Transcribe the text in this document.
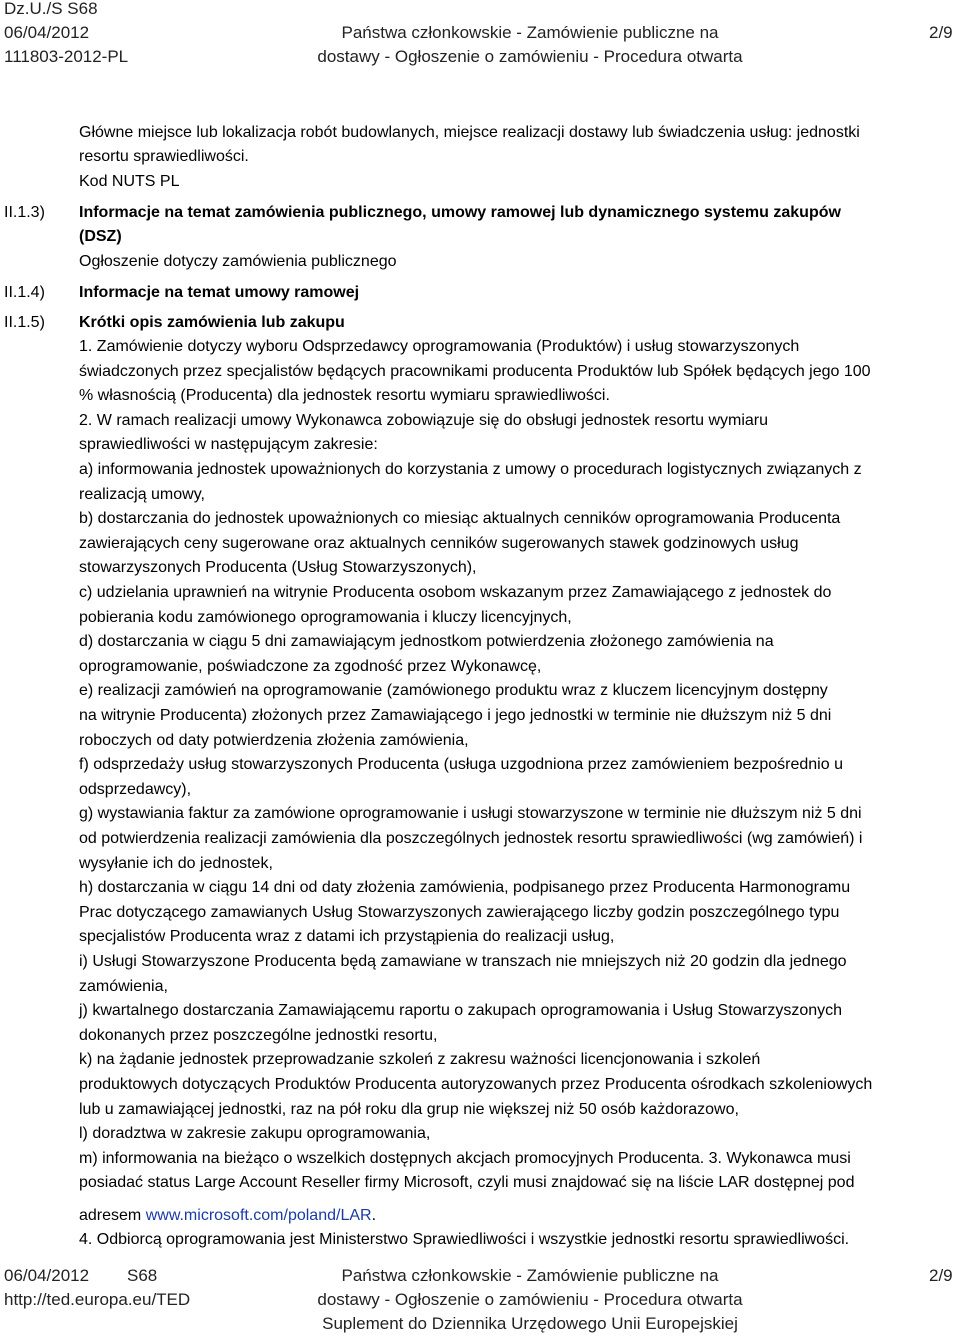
Dz.U./S S68
06/04/2012
111803-2012-PL
Państwa członkowskie - Zamówienie publiczne na
dostawy - Ogłoszenie o zamówieniu - Procedura otwarta
2/9
Główne miejsce lub lokalizacja robót budowlanych, miejsce realizacji dostawy lub świadczenia usług: jednostki
resortu sprawiedliwości.
Kod NUTS PL
II.1.3) Informacje na temat zamówienia publicznego, umowy ramowej lub dynamicznego systemu zakupów
(DSZ)
Ogłoszenie dotyczy zamówienia publicznego
II.1.4) Informacje na temat umowy ramowej
II.1.5) Krótki opis zamówienia lub zakupu
1. Zamówienie dotyczy wyboru Odsprzedawcy oprogramowania (Produktów) i usług stowarzyszonych
świadczonych przez specjalistów będących pracownikami producenta Produktów lub Spółek będących jego 100
% własnością (Producenta) dla jednostek resortu wymiaru sprawiedliwości.
2. W ramach realizacji umowy Wykonawca zobowiązuje się do obsługi jednostek resortu wymiaru
sprawiedliwości w następującym zakresie:
a) informowania jednostek upoważnionych do korzystania z umowy o procedurach logistycznych związanych z
realizacją umowy,
b) dostarczania do jednostek upoważnionych co miesiąc aktualnych cenników oprogramowania Producenta
zawierających ceny sugerowane oraz aktualnych cenników sugerowanych stawek godzinowych usług
stowarzyszonych Producenta (Usług Stowarzyszonych),
c) udzielania uprawnień na witrynie Producenta osobom wskazanym przez Zamawiającego z jednostek do
pobierania kodu zamówionego oprogramowania i kluczy licencyjnych,
d) dostarczania w ciągu 5 dni zamawiającym jednostkom potwierdzenia złożonego zamówienia na
oprogramowanie, poświadczone za zgodność przez Wykonawcę,
e) realizacji zamówień na oprogramowanie (zamówionego produktu wraz z kluczem licencyjnym dostępny
na witrynie Producenta) złożonych przez Zamawiającego i jego jednostki w terminie nie dłuższym niż 5 dni
roboczych od daty potwierdzenia złożenia zamówienia,
f) odsprzedaży usług stowarzyszonych Producenta (usługa uzgodniona przez zamówieniem bezpośrednio u
odsprzedawcy),
g) wystawiania faktur za zamówione oprogramowanie i usługi stowarzyszone w terminie nie dłuższym niż 5 dni
od potwierdzenia realizacji zamówienia dla poszczególnych jednostek resortu sprawiedliwości (wg zamówień) i
wysyłanie ich do jednostek,
h) dostarczania w ciągu 14 dni od daty złożenia zamówienia, podpisanego przez Producenta Harmonogramu
Prac dotyczącego zamawianych Usług Stowarzyszonych zawierającego liczby godzin poszczególnego typu
specjalistów Producenta wraz z datami ich przystąpienia do realizacji usług,
i) Usługi Stowarzyszone Producenta będą zamawiane w transzach nie mniejszych niż 20 godzin dla jednego
zamówienia,
j) kwartalnego dostarczania Zamawiającemu raportu o zakupach oprogramowania i Usług Stowarzyszonych
dokonanych przez poszczególne jednostki resortu,
k) na żądanie jednostek przeprowadzanie szkoleń z zakresu ważności licencjonowania i szkoleń
produktowych dotyczących Produktów Producenta autoryzowanych przez Producenta ośrodkach szkoleniowych
lub u zamawiającej jednostki, raz na pół roku dla grup nie większej niż 50 osób każdorazowo,
l) doradztwa w zakresie zakupu oprogramowania,
m) informowania na bieżąco o wszelkich dostępnych akcjach promocyjnych Producenta. 3. Wykonawca musi
posiadać status Large Account Reseller firmy Microsoft, czyli musi znajdować się na liście LAR dostępnej pod
adresem www.microsoft.com/poland/LAR.
4. Odbiorcą oprogramowania jest Ministerstwo Sprawiedliwości i wszystkie jednostki resortu sprawiedliwości.
06/04/2012 S68
http://ted.europa.eu/TED
Państwa członkowskie - Zamówienie publiczne na
dostawy - Ogłoszenie o zamówieniu - Procedura otwarta
Suplement do Dziennika Urzędowego Unii Europejskiej
2/9
